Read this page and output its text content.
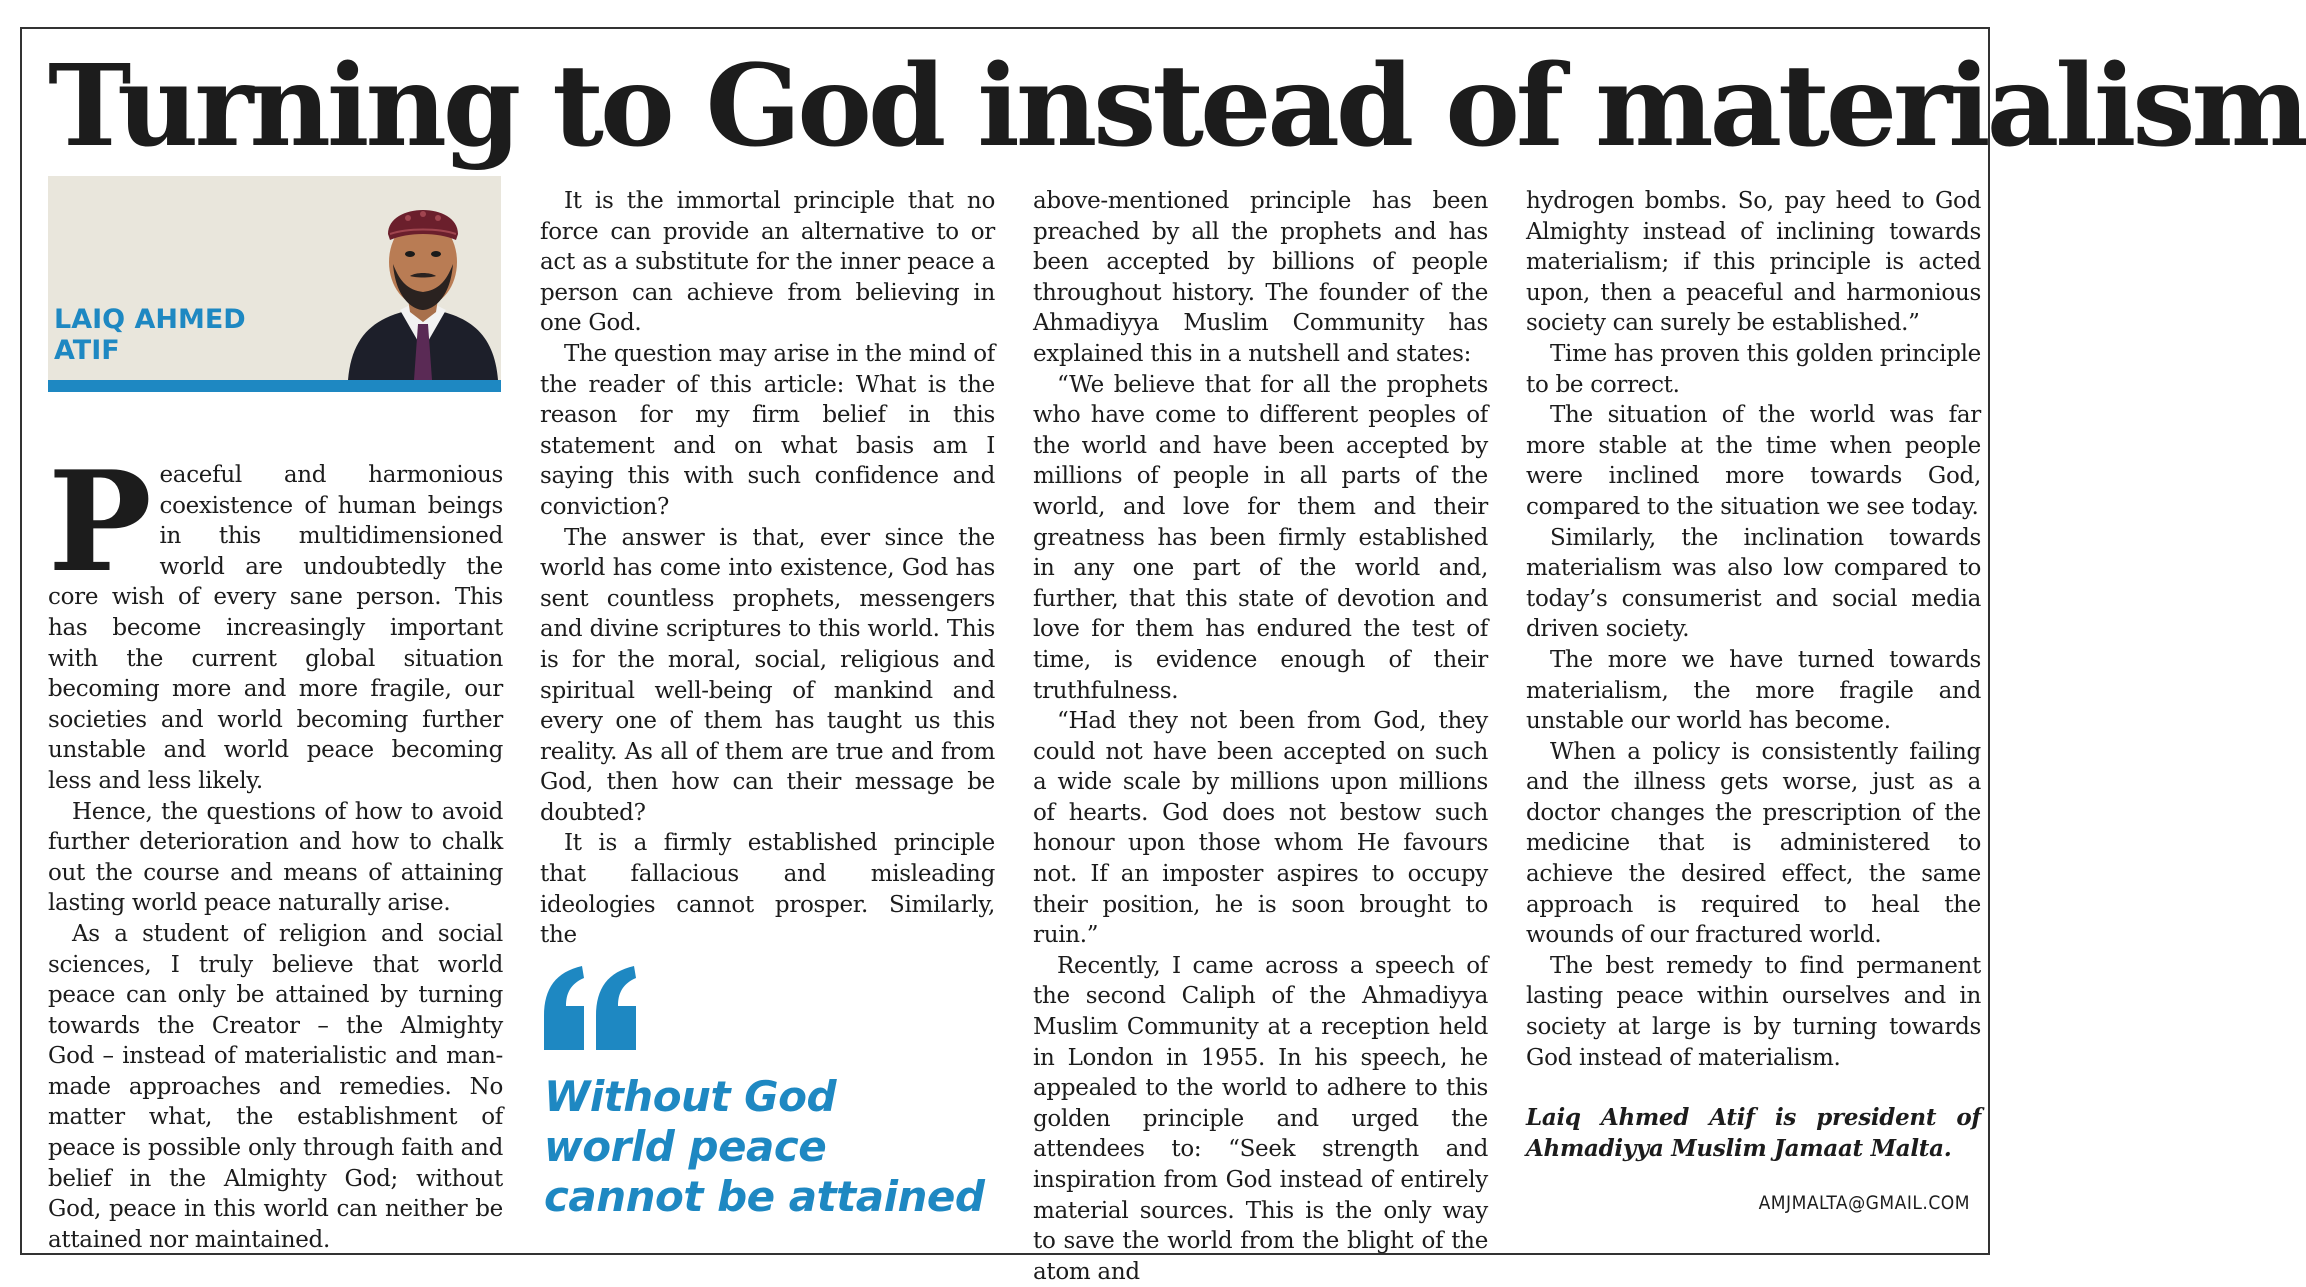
Turning to God instead of materialism

LAIQ AHMED
ATIF

Peaceful and harmonious coexistence of human beings in this multidimensioned world are undoubtedly the core wish of every sane person. This has become increasingly important with the current global situation becoming more and more fragile, our societies and world becoming further unstable and world peace becoming less and less likely.

Hence, the questions of how to avoid further deterioration and how to chalk out the course and means of attaining lasting world peace naturally arise.

As a student of religion and social sciences, I truly believe that world peace can only be attained by turning towards the Creator – the Almighty God – instead of materialistic and man-made approaches and remedies. No matter what, the establishment of peace is possible only through faith and belief in the Almighty God; without God, peace in this world can neither be attained nor maintained.

It is the immortal principle that no force can provide an alternative to or act as a substitute for the inner peace a person can achieve from believing in one God.

The question may arise in the mind of the reader of this article: What is the reason for my firm belief in this statement and on what basis am I saying this with such confidence and conviction?

The answer is that, ever since the world has come into existence, God has sent countless prophets, messengers and divine scriptures to this world. This is for the moral, social, religious and spiritual well-being of mankind and every one of them has taught us this reality. As all of them are true and from God, then how can their message be doubted?

It is a firmly established principle that fallacious and misleading ideologies cannot prosper. Similarly, the

Without God
world peace
cannot be attained

above-mentioned principle has been preached by all the prophets and has been accepted by billions of people throughout history. The founder of the Ahmadiyya Muslim Community has explained this in a nutshell and states:

“We believe that for all the prophets who have come to different peoples of the world and have been accepted by millions of people in all parts of the world, and love for them and their greatness has been firmly established in any one part of the world and, further, that this state of devotion and love for them has endured the test of time, is evidence enough of their truthfulness.

“Had they not been from God, they could not have been accepted on such a wide scale by millions upon millions of hearts. God does not bestow such honour upon those whom He favours not. If an imposter aspires to occupy their position, he is soon brought to ruin.”

Recently, I came across a speech of the second Caliph of the Ahmadiyya Muslim Community at a reception held in London in 1955. In his speech, he appealed to the world to adhere to this golden principle and urged the attendees to: “Seek strength and inspiration from God instead of entirely material sources. This is the only way to save the world from the blight of the atom and

hydrogen bombs. So, pay heed to God Almighty instead of inclining towards materialism; if this principle is acted upon, then a peaceful and harmonious society can surely be established.”

Time has proven this golden principle to be correct.

The situation of the world was far more stable at the time when people were inclined more towards God, compared to the situation we see today.

Similarly, the inclination towards materialism was also low compared to today’s consumerist and social media driven society.

The more we have turned towards materialism, the more fragile and unstable our world has become.

When a policy is consistently failing and the illness gets worse, just as a doctor changes the prescription of the medicine that is administered to achieve the desired effect, the same approach is required to heal the wounds of our fractured world.

The best remedy to find permanent lasting peace within ourselves and in society at large is by turning towards God instead of materialism.

Laiq Ahmed Atif is president of Ahmadiyya Muslim Jamaat Malta.

AMJMALTA@GMAIL.COM
